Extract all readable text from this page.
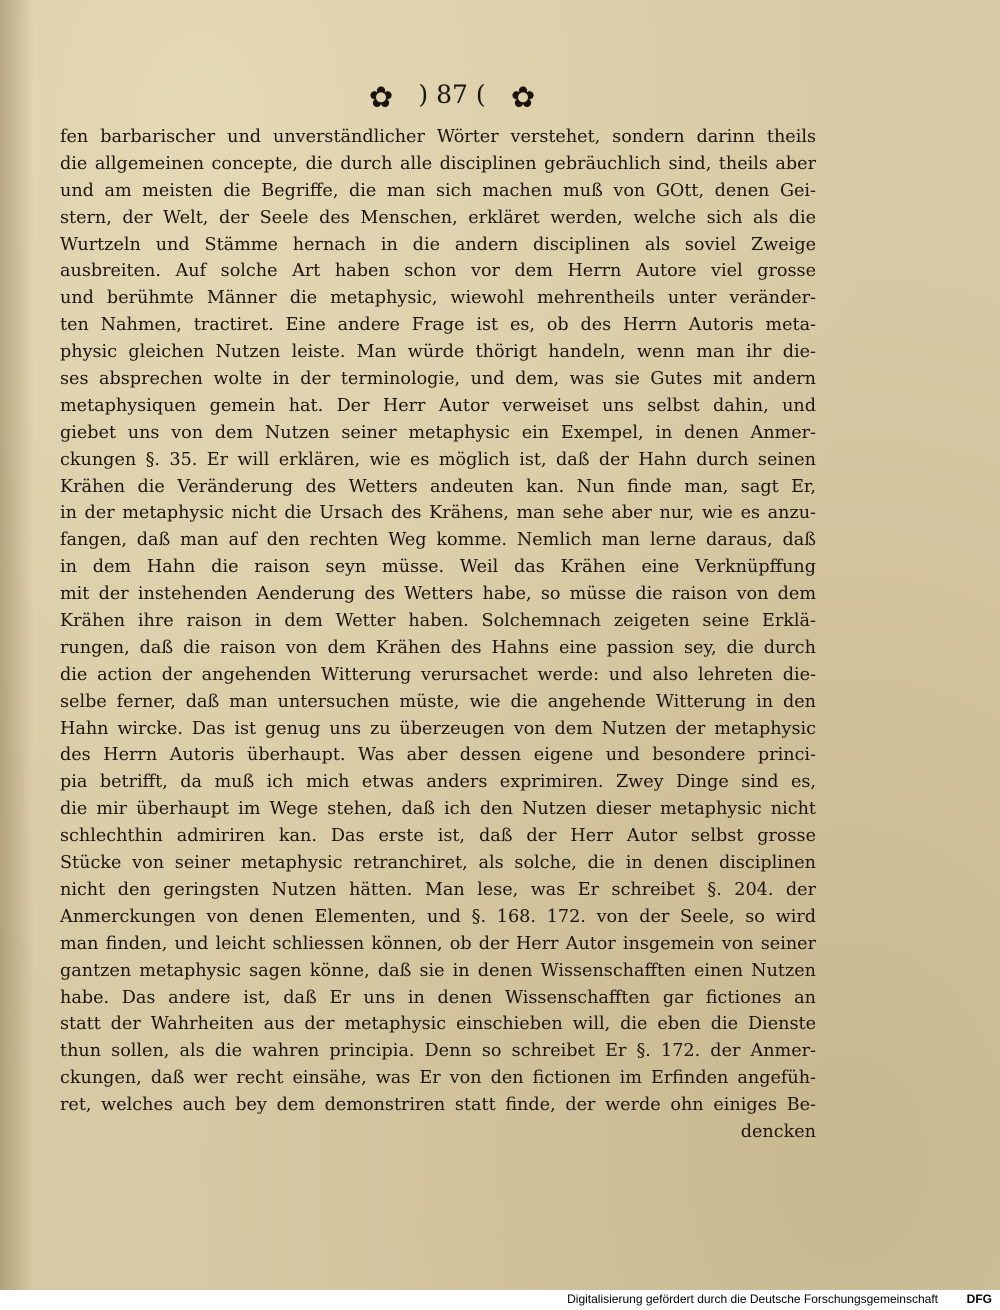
✿	) 87 ( ✿
fen barbarischer und unverständlicher Wörter verstehet, sondern darinn theils
die allgemeinen concepte, die durch alle disciplinen gebräuchlich sind, theils aber
und am meisten die Begriffe, die man sich machen muß von GOtt, denen Gei-
stern, der Welt, der Seele des Menschen, erkläret werden, welche sich als die
Wurtzeln und Stämme hernach in die andern disciplinen als soviel Zweige
ausbreiten. Auf solche Art haben schon vor dem Herrn Autore viel grosse
und berühmte Männer die metaphysic, wiewohl mehrentheils unter veränder-
ten Nahmen, tractiret. Eine andere Frage ist es, ob des Herrn Autoris meta-
physic gleichen Nutzen leiste. Man würde thörigt handeln, wenn man ihr die-
ses absprechen wolte in der terminologie, und dem, was sie Gutes mit andern
metaphysiquen gemein hat. Der Herr Autor verweiset uns selbst dahin, und
giebet uns von dem Nutzen seiner metaphysic ein Exempel, in denen Anmer-
ckungen §. 35. Er will erklären, wie es möglich ist, daß der Hahn durch seinen
Krähen die Veränderung des Wetters andeuten kan. Nun finde man, sagt Er,
in der metaphysic nicht die Ursach des Krähens, man sehe aber nur, wie es anzu-
fangen, daß man auf den rechten Weg komme. Nemlich man lerne daraus, daß
in dem Hahn die raison seyn müsse. Weil das Krähen eine Verknüpffung
mit der instehenden Aenderung des Wetters habe, so müsse die raison von dem
Krähen ihre raison in dem Wetter haben. Solchemnach zeigeten seine Erklä-
rungen, daß die raison von dem Krähen des Hahns eine passion sey, die durch
die action der angehenden Witterung verursachet werde: und also lehreten die-
selbe ferner, daß man untersuchen müste, wie die angehende Witterung in den
Hahn wircke. Das ist genug uns zu überzeugen von dem Nutzen der metaphysic
des Herrn Autoris überhaupt. Was aber dessen eigene und besondere princi-
pia betrifft, da muß ich mich etwas anders exprimiren. Zwey Dinge sind es,
die mir überhaupt im Wege stehen, daß ich den Nutzen dieser metaphysic nicht
schlechthin admiriren kan. Das erste ist, daß der Herr Autor selbst grosse
Stücke von seiner metaphysic retranchiret, als solche, die in denen disciplinen
nicht den geringsten Nutzen hätten. Man lese, was Er schreibet §. 204. der
Anmerckungen von denen Elementen, und §. 168. 172. von der Seele, so wird
man finden, und leicht schliessen können, ob der Herr Autor insgemein von seiner
gantzen metaphysic sagen könne, daß sie in denen Wissenschafften einen Nutzen
habe. Das andere ist, daß Er uns in denen Wissenschafften gar fictiones an
statt der Wahrheiten aus der metaphysic einschieben will, die eben die Dienste
thun sollen, als die wahren principia. Denn so schreibet Er §. 172. der Anmer-
ckungen, daß wer recht einsähe, was Er von den fictionen im Erfinden angefüh-
ret, welches auch bey dem demonstriren statt finde, der werde ohn einiges Be-
dencken
Digitalisierung gefördert durch die Deutsche Forschungsgemeinschaft DFG
